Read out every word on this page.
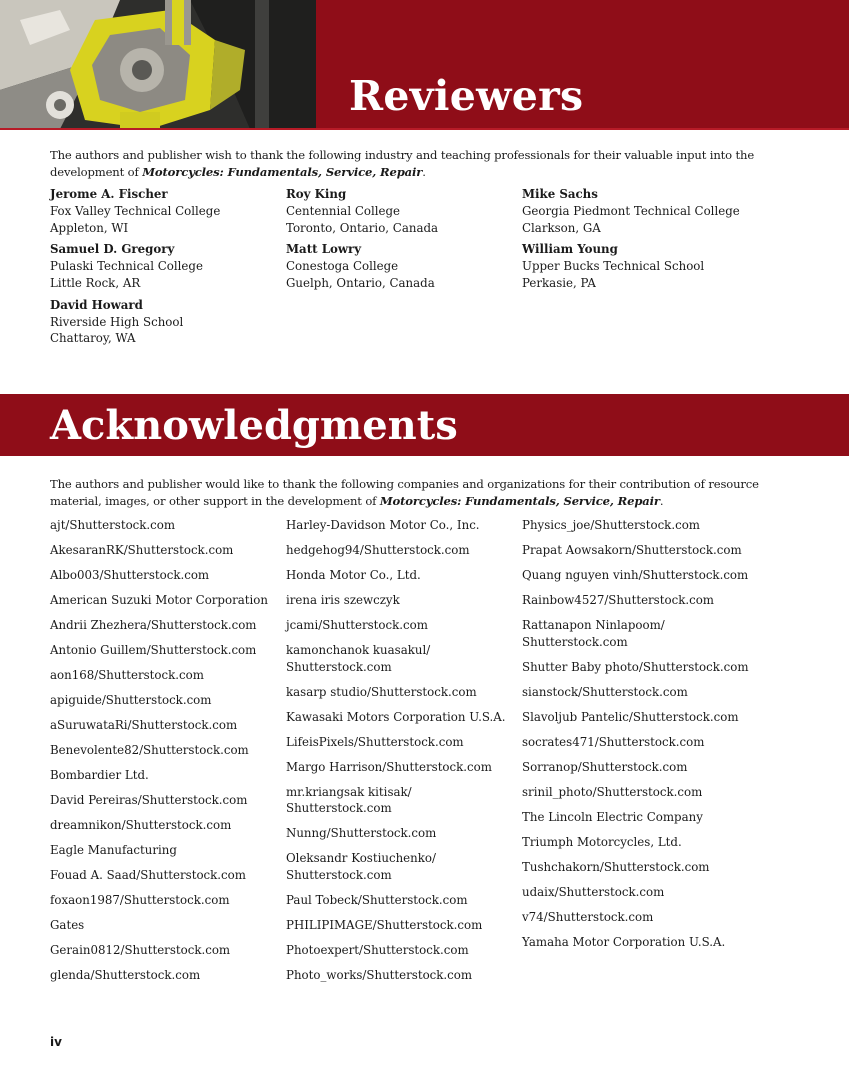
Reviewers

The authors and publisher wish to thank the following industry and teaching professionals for their valuable input into the development of Motorcycles: Fundamentals, Service, Repair.

Jerome A. Fischer
Fox Valley Technical College
Appleton, WI
Samuel D. Gregory
Pulaski Technical College
Little Rock, AR
David Howard
Riverside High School
Chattaroy, WA
Roy King
Centennial College
Toronto, Ontario, Canada
Matt Lowry
Conestoga College
Guelph, Ontario, Canada
Mike Sachs
Georgia Piedmont Technical College
Clarkson, GA
William Young
Upper Bucks Technical School
Perkasie, PA
Acknowledgments

The authors and publisher would like to thank the following companies and organizations for their contribution of resource material, images, or other support in the development of Motorcycles: Fundamentals, Service, Repair.

ajt/Shutterstock.com
AkesaranRK/Shutterstock.com
Albo003/Shutterstock.com
American Suzuki Motor Corporation
Andrii Zhezhera/Shutterstock.com
Antonio Guillem/Shutterstock.com
aon168/Shutterstock.com
apiguide/Shutterstock.com
aSuruwataRi/Shutterstock.com
Benevolente82/Shutterstock.com
Bombardier Ltd.
David Pereiras/Shutterstock.com
dreamnikon/Shutterstock.com
Eagle Manufacturing
Fouad A. Saad/Shutterstock.com
foxaon1987/Shutterstock.com
Gates
Gerain0812/Shutterstock.com
glenda/Shutterstock.com
Harley-Davidson Motor Co., Inc.
hedgehog94/Shutterstock.com
Honda Motor Co., Ltd.
irena iris szewczyk
jcami/Shutterstock.com
kamonchanok kuasakul/
Shutterstock.com
kasarp studio/Shutterstock.com
Kawasaki Motors Corporation U.S.A.
LifeisPixels/Shutterstock.com
Margo Harrison/Shutterstock.com
mr.kriangsak kitisak/
Shutterstock.com
Nunng/Shutterstock.com
Oleksandr Kostiuchenko/
Shutterstock.com
Paul Tobeck/Shutterstock.com
PHILIPIMAGE/Shutterstock.com
Photoexpert/Shutterstock.com
Photo_works/Shutterstock.com
Physics_joe/Shutterstock.com
Prapat Aowsakorn/Shutterstock.com
Quang nguyen vinh/Shutterstock.com
Rainbow4527/Shutterstock.com
Rattanapon Ninlapoom/
Shutterstock.com
Shutter Baby photo/Shutterstock.com
sianstock/Shutterstock.com
Slavoljub Pantelic/Shutterstock.com
socrates471/Shutterstock.com
Sorranop/Shutterstock.com
srinil_photo/Shutterstock.com
The Lincoln Electric Company
Triumph Motorcycles, Ltd.
Tushchakorn/Shutterstock.com
udaix/Shutterstock.com
v74/Shutterstock.com
Yamaha Motor Corporation U.S.A.
iv
